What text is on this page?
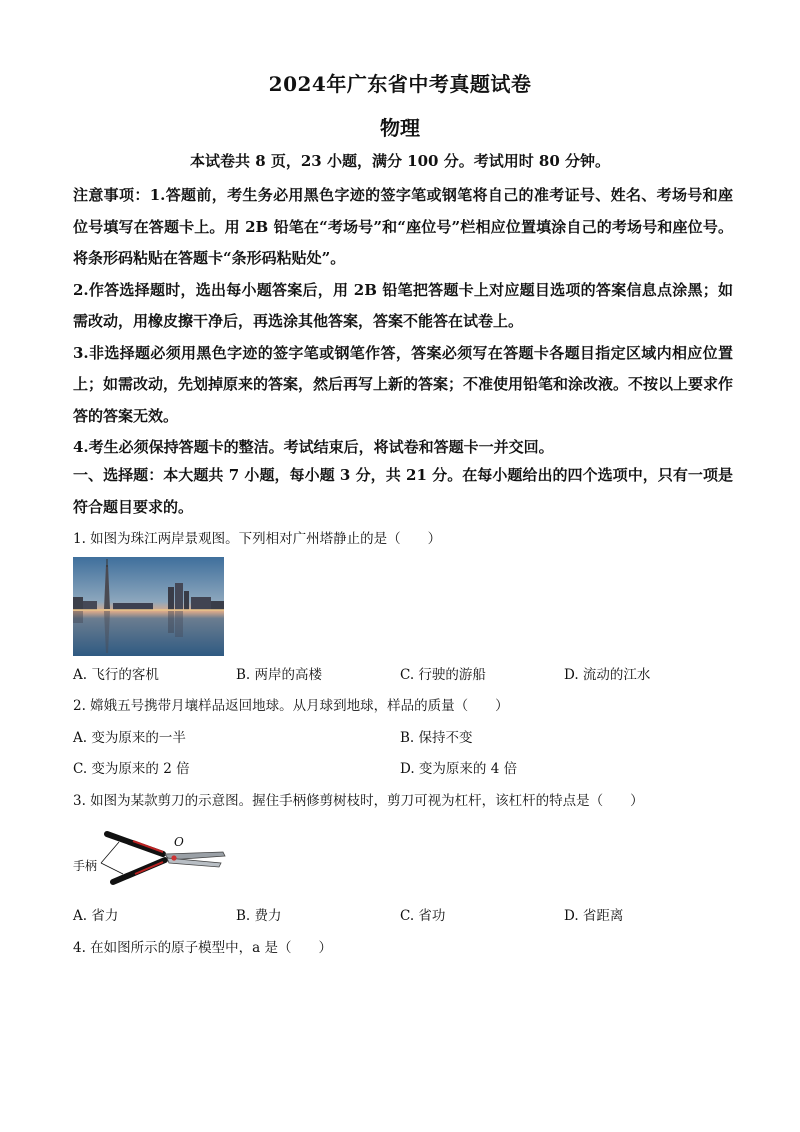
2024年广东省中考真题试卷
物理
本试卷共 8 页，23 小题，满分 100 分。考试用时 80 分钟。

注意事项：1.答题前，考生务必用黑色字迹的签字笔或钢笔将自己的准考证号、姓名、考场号和座位号填写在答题卡上。用 2B 铅笔在“考场号”和“座位号”栏相应位置填涂自己的考场号和座位号。将条形码粘贴在答题卡“条形码粘贴处”。

2.作答选择题时，选出每小题答案后，用 2B 铅笔把答题卡上对应题目选项的答案信息点涂黑；如需改动，用橡皮擦干净后，再选涂其他答案，答案不能答在试卷上。

3.非选择题必须用黑色字迹的签字笔或钢笔作答，答案必须写在答题卡各题目指定区域内相应位置上；如需改动，先划掉原来的答案，然后再写上新的答案；不准使用铅笔和涂改液。不按以上要求作答的答案无效。

4.考生必须保持答题卡的整洁。考试结束后，将试卷和答题卡一并交回。

一、选择题：本大题共 7 小题，每小题 3 分，共 21 分。在每小题给出的四个选项中，只有一项是符合题目要求的。
1. 如图为珠江两岸景观图。下列相对广州塔静止的是（　　）
A. 飞行的客机	B. 两岸的高楼	C. 行驶的游船	D. 流动的江水
2. 嫦娥五号携带月壤样品返回地球。从月球到地球，样品的质量（　　）
A. 变为原来的一半	B. 保持不变
C. 变为原来的 2 倍	D. 变为原来的 4 倍
3. 如图为某款剪刀的示意图。握住手柄修剪树枝时，剪刀可视为杠杆，该杠杆的特点是（　　）
O
手柄
A. 省力	B. 费力	C. 省功	D. 省距离
4. 在如图所示的原子模型中，a 是（　　）
